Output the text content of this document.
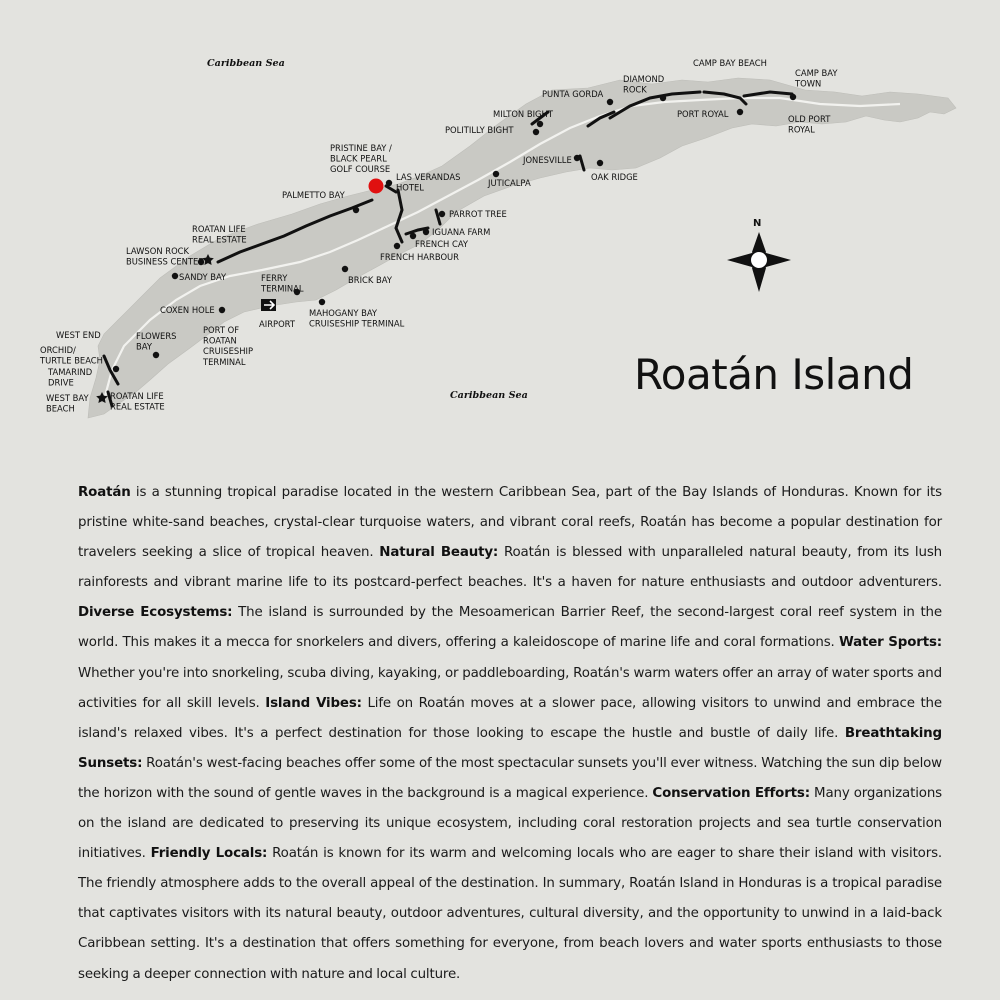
N
Caribbean Sea
Caribbean Sea
CAMP BAY BEACH
CAMP BAY TOWN
DIAMOND ROCK
PUNTA GORDA
MILTON BIGHT
POLITILLY BIGHT
PORT ROYAL	OLD PORT ROYAL
JONESVILLE
OAK RIDGE
JUTICALPA
PRISTINE BAY / BLACK PEARL GOLF COURSE
LAS VERANDAS HOTEL
PALMETTO BAY
PARROT TREE
IGUANA FARM
FRENCH CAY
FRENCH HARBOUR
ROATAN LIFE REAL ESTATE
LAWSON ROCK BUSINESS CENTER
SANDY BAY	BRICK BAY
FERRY TERMINAL
COXEN HOLE
AIRPORT
MAHOGANY BAY CRUISESHIP TERMINAL
PORT OF ROATAN CRUISESHIP TERMINAL
FLOWERS BAY
WEST END
ORCHID/ TURTLE BEACH
TAMARIND DRIVE
WEST BAY BEACH
ROATAN LIFE REAL ESTATE
Roatán Island
Roatán is a stunning tropical paradise located in the western Caribbean Sea, part of the Bay Islands of Honduras. Known for its pristine white-sand beaches, crystal-clear turquoise waters, and vibrant coral reefs, Roatán has become a popular destination for travelers seeking a slice of tropical heaven. Natural Beauty: Roatán is blessed with unparalleled natural beauty, from its lush rainforests and vibrant marine life to its postcard-perfect beaches. It's a haven for nature enthusiasts and outdoor adventurers. Diverse Ecosystems: The island is surrounded by the Mesoamerican Barrier Reef, the second-largest coral reef system in the world. This makes it a mecca for snorkelers and divers, offering a kaleidoscope of marine life and coral formations. Water Sports: Whether you're into snorkeling, scuba diving, kayaking, or paddleboarding, Roatán's warm waters offer an array of water sports and activities for all skill levels. Island Vibes: Life on Roatán moves at a slower pace, allowing visitors to unwind and embrace the island's relaxed vibes. It's a perfect destination for those looking to escape the hustle and bustle of daily life. Breathtaking Sunsets: Roatán's west-facing beaches offer some of the most spectacular sunsets you'll ever witness. Watching the sun dip below the horizon with the sound of gentle waves in the background is a magical experience. Conservation Efforts: Many organizations on the island are dedicated to preserving its unique ecosystem, including coral restoration projects and sea turtle conservation initiatives. Friendly Locals: Roatán is known for its warm and welcoming locals who are eager to share their island with visitors. The friendly atmosphere adds to the overall appeal of the destination. In summary, Roatán Island in Honduras is a tropical paradise that captivates visitors with its natural beauty, outdoor adventures, cultural diversity, and the opportunity to unwind in a laid-back Caribbean setting. It's a destination that offers something for everyone, from beach lovers and water sports enthusiasts to those seeking a deeper connection with nature and local culture.
